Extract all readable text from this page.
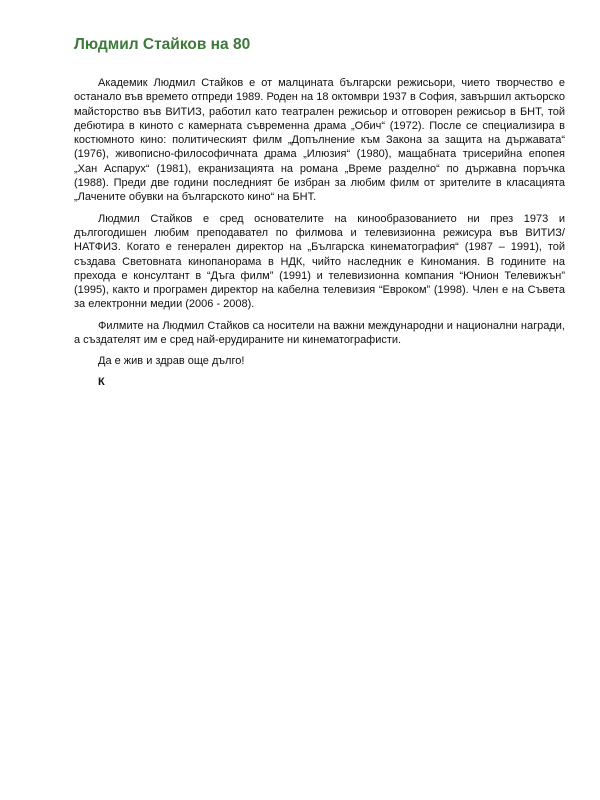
Людмил Стайков на 80

Академик Людмил Стайков е от малцината български режисьори, чието творчество е останало във времето отпреди 1989. Роден на 18 октомври 1937 в София, завършил актьорско майсторство във ВИТИЗ, работил като театрален режисьор и отговорен режисьор в БНТ, той дебютира в киното с камерната съвременна драма „Обич“ (1972). После се специализира в костюмното кино: политическият филм „Допълнение към Закона за защита на държавата“ (1976), живописно-философичната драма „Илюзия“ (1980), мащабната трисерийна епопея „Хан Аспарух“ (1981), екранизацията на романа „Време разделно“ по държавна поръчка (1988). Преди две години последният бе избран за любим филм от зрителите в класацията „Лачените обувки на българското кино“ на БНТ.

Людмил Стайков е сред основателите на кинообразованието ни през 1973 и дългогодишен любим преподавател по филмова и телевизионна режисура във ВИТИЗ/НАТФИЗ. Когато е генерален директор на „Българска кинематография“ (1987 – 1991), той създава Световната кинопанорама в НДК, чийто наследник е Киномания. В годините на прехода е консултант в “Дъга филм” (1991) и телевизионна компания “Юнион Телевижън” (1995), както и програмен директор на кабелна телевизия “Евроком” (1998). Член е на Съвета за електронни медии (2006 - 2008).

Филмите на Людмил Стайков са носители на важни международни и национални награди, а създателят им е сред най-ерудираните ни кинематографисти.

Да е жив и здрав още дълго!

К
